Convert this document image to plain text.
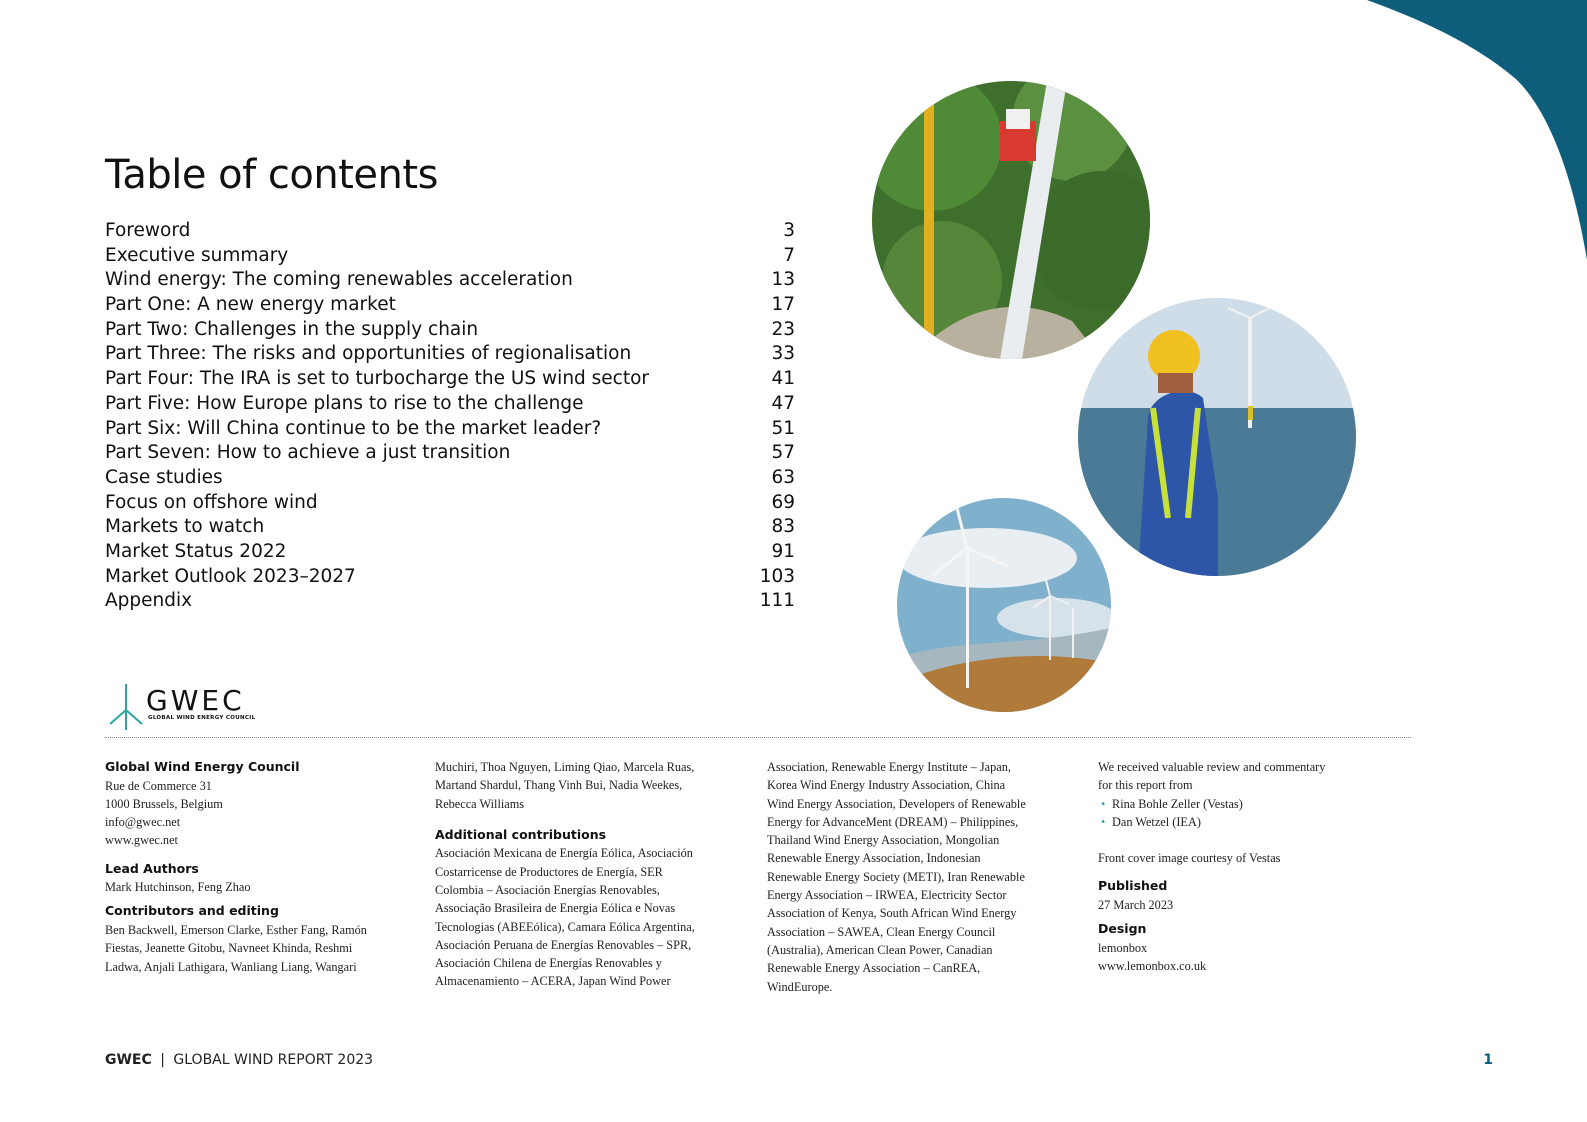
Table of contents
Foreword	3
Executive summary	7
Wind energy: The coming renewables acceleration	13
Part One: A new energy market	17
Part Two: Challenges in the supply chain	23
Part Three: The risks and opportunities of regionalisation	33
Part Four: The IRA is set to turbocharge the US wind sector	41
Part Five: How Europe plans to rise to the challenge	47
Part Six: Will China continue to be the market leader?	51
Part Seven: How to achieve a just transition	57
Case studies	63
Focus on offshore wind	69
Markets to watch	83
Market Status 2022	91
Market Outlook 2023–2027	103
Appendix	111
GWEC
GLOBAL WIND ENERGY COUNCIL
Global Wind Energy Council

Rue de Commerce 31

1000 Brussels, Belgium

info@gwec.net

www.gwec.net

Lead Authors

Mark Hutchinson, Feng Zhao

Contributors and editing

Ben Backwell, Emerson Clarke, Esther Fang, Ramón

Fiestas, Jeanette Gitobu, Navneet Khinda, Reshmi

Ladwa, Anjali Lathigara, Wanliang Liang, Wangari

Muchiri, Thoa Nguyen, Liming Qiao, Marcela Ruas,

Martand Shardul, Thang Vinh Bui, Nadia Weekes,

Rebecca Williams

Additional contributions

Asociación Mexicana de Energía Eólica, Asociación

Costarricense de Productores de Energía, SER

Colombia – Asociación Energías Renovables,

Associação Brasileira de Energia Eólica e Novas

Tecnologias (ABEEólica), Camara Eólica Argentina,

Asociación Peruana de Energías Renovables – SPR,

Asociación Chilena de Energías Renovables y

Almacenamiento – ACERA, Japan Wind Power

Association, Renewable Energy Institute – Japan,

Korea Wind Energy Industry Association, China

Wind Energy Association, Developers of Renewable

Energy for AdvanceMent (DREAM) – Philippines,

Thailand Wind Energy Association, Mongolian

Renewable Energy Association, Indonesian

Renewable Energy Society (METI), Iran Renewable

Energy Association – IRWEA, Electricity Sector

Association of Kenya, South African Wind Energy

Association – SAWEA, Clean Energy Council

(Australia), American Clean Power, Canadian

Renewable Energy Association – CanREA,

WindEurope.

We received valuable review and commentary

for this report from

• Rina Bohle Zeller (Vestas)
• Dan Wetzel (IEA)

Front cover image courtesy of Vestas

Published

27 March 2023

Design

lemonbox

www.lemonbox.co.uk

GWEC | GLOBAL WIND REPORT 2023	1
